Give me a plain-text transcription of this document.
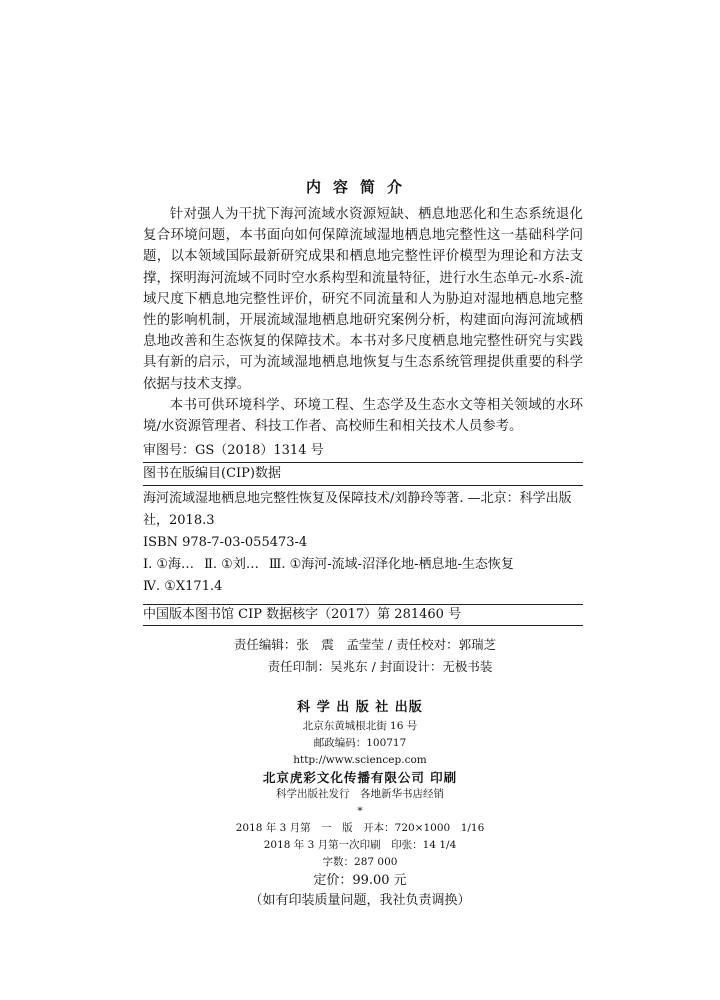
内容简介

针对强人为干扰下海河流域水资源短缺、栖息地恶化和生态系统退化复合环境问题，本书面向如何保障流域湿地栖息地完整性这一基础科学问题，以本领域国际最新研究成果和栖息地完整性评价模型为理论和方法支撑，探明海河流域不同时空水系构型和流量特征，进行水生态单元-水系-流域尺度下栖息地完整性评价，研究不同流量和人为胁迫对湿地栖息地完整性的影响机制，开展流域湿地栖息地研究案例分析，构建面向海河流域栖息地改善和生态恢复的保障技术。本书对多尺度栖息地完整性研究与实践具有新的启示，可为流域湿地栖息地恢复与生态系统管理提供重要的科学依据与技术支撑。

本书可供环境科学、环境工程、生态学及生态水文等相关领域的水环境/水资源管理者、科技工作者、高校师生和相关技术人员参考。

审图号：GS（2018）1314 号
图书在版编目(CIP)数据
海河流域湿地栖息地完整性恢复及保障技术/刘静玲等著. —北京：科学出版
社，2018.3
ISBN 978-7-03-055473-4
Ⅰ. ①海… Ⅱ. ①刘… Ⅲ. ①海河-流域-沼泽化地-栖息地-生态恢复
Ⅳ. ①X171.4
中国版本图书馆 CIP 数据核字（2017）第 281460 号
责任编辑：张　震　孟莹莹 / 责任校对：郭瑞芝
责任印制：吴兆东 / 封面设计：无极书装
科 学 出 版 社 出版
北京东黄城根北街 16 号
邮政编码：100717
http://www.sciencep.com
北京虎彩文化传播有限公司 印刷
科学出版社发行　各地新华书店经销
*
2018 年 3 月第　一　版　开本：720×1000　1/16
2018 年 3 月第一次印刷　印张：14 1/4
字数：287 000
定价：99.00 元
（如有印装质量问题，我社负责调换）
